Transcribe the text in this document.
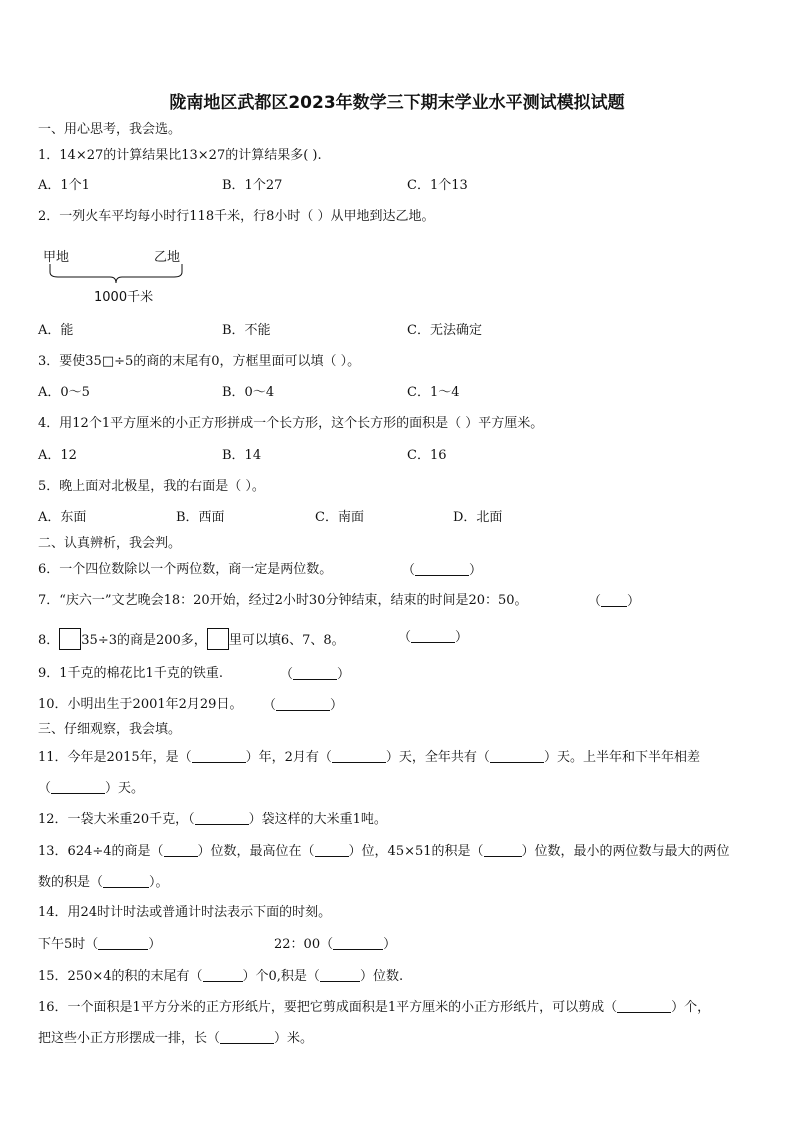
陇南地区武都区2023年数学三下期末学业水平测试模拟试题
一、用心思考，我会选。
1．14×27的计算结果比13×27的计算结果多( ).
A．1个1	B．1个27	C．1个13
2．一列火车平均每小时行118千米，行8小时（ ）从甲地到达乙地。
甲地	乙地
1000千米
A．能	B．不能	C．无法确定
3．要使35□÷5的商的末尾有0，方框里面可以填（ ）。
A．0～5	B．0～4	C．1～4
4．用12个1平方厘米的小正方形拼成一个长方形，这个长方形的面积是（ ）平方厘米。
A．12	B．14	C．16
5．晚上面对北极星，我的右面是（ ）。
A．东面	B．西面	C．南面	D．北面
二、认真辨析，我会判。
6．一个四位数除以一个两位数，商一定是两位数。	（	）
7．“庆六一”文艺晚会18：20开始，经过2小时30分钟结束，结束的时间是20：50。	（ ）
8． 35÷3的商是200多， 里可以填6、7、8。	（	）
9．1千克的棉花比1千克的铁重.	（	）
10．小明出生于2001年2月29日。 （	）
三、仔细观察，我会填。
11．今年是2015年，是（	）年，2月有（	）天，全年共有（	）天。上半年和下半年相差
（	）天。
12．一袋大米重20千克，（	）袋这样的大米重1吨。
13．624÷4的商是（	）位数，最高位在（	）位，45×51的积是（	）位数，最小的两位数与最大的两位
数的积是（	）。
14．用24时计时法或普通计时法表示下面的时刻。
下午5时（	）	22：00（	）
15．250×4的积的末尾有（	）个0,积是（	）位数.
16．一个面积是1平方分米的正方形纸片，要把它剪成面积是1平方厘米的小正方形纸片，可以剪成（	）个，
把这些小正方形摆成一排，长（	）米。
